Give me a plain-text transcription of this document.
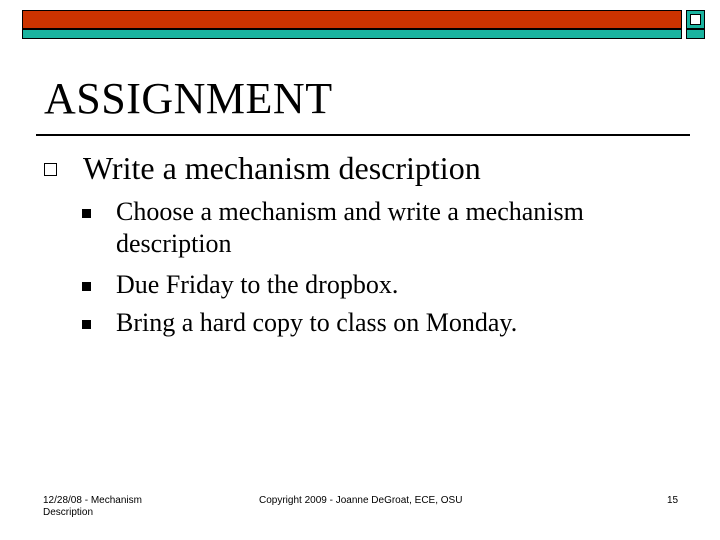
ASSIGNMENT
Write a mechanism description
Choose a mechanism and write a mechanism description
Due Friday to the dropbox.
Bring a hard copy to class on Monday.
12/28/08 - Mechanism Description
Copyright 2009 - Joanne DeGroat, ECE, OSU	15
